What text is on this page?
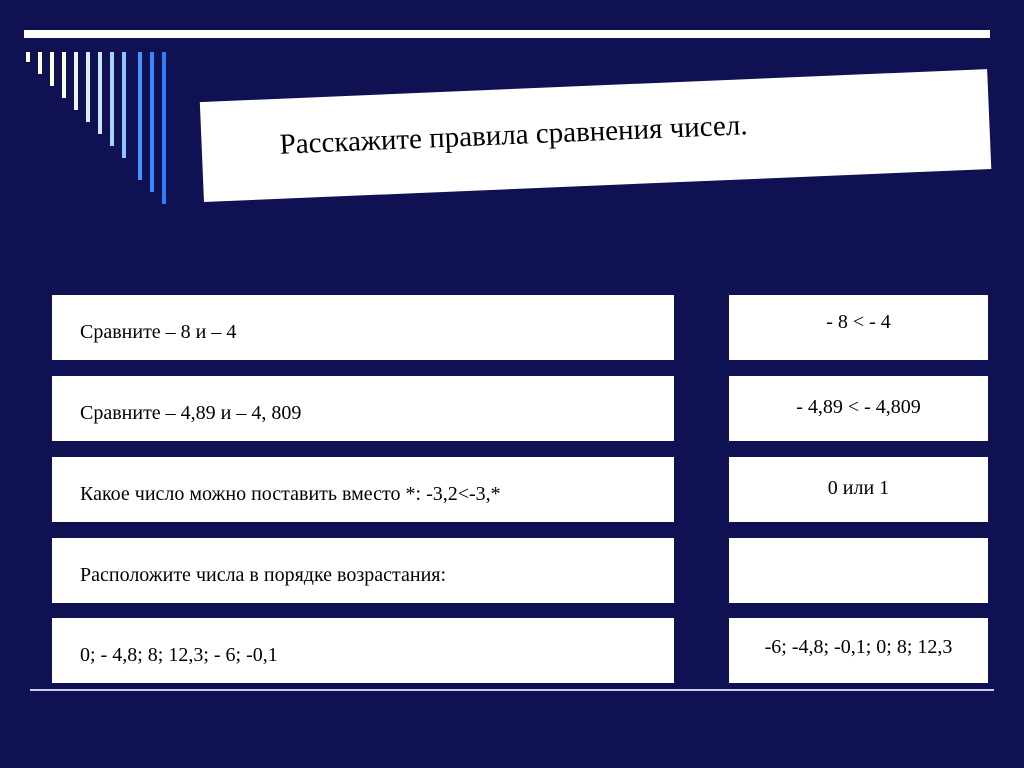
Расскажите правила сравнения чисел.
Сравните – 8 и – 4
Сравните – 4,89 и – 4, 809
Какое число можно поставить вместо *: -3,2<-3,*
Расположите числа в порядке возрастания:
0; - 4,8; 8; 12,3; - 6; -0,1
- 8 < - 4
- 4,89 < - 4,809
0 или 1
-6; -4,8; -0,1; 0; 8; 12,3
